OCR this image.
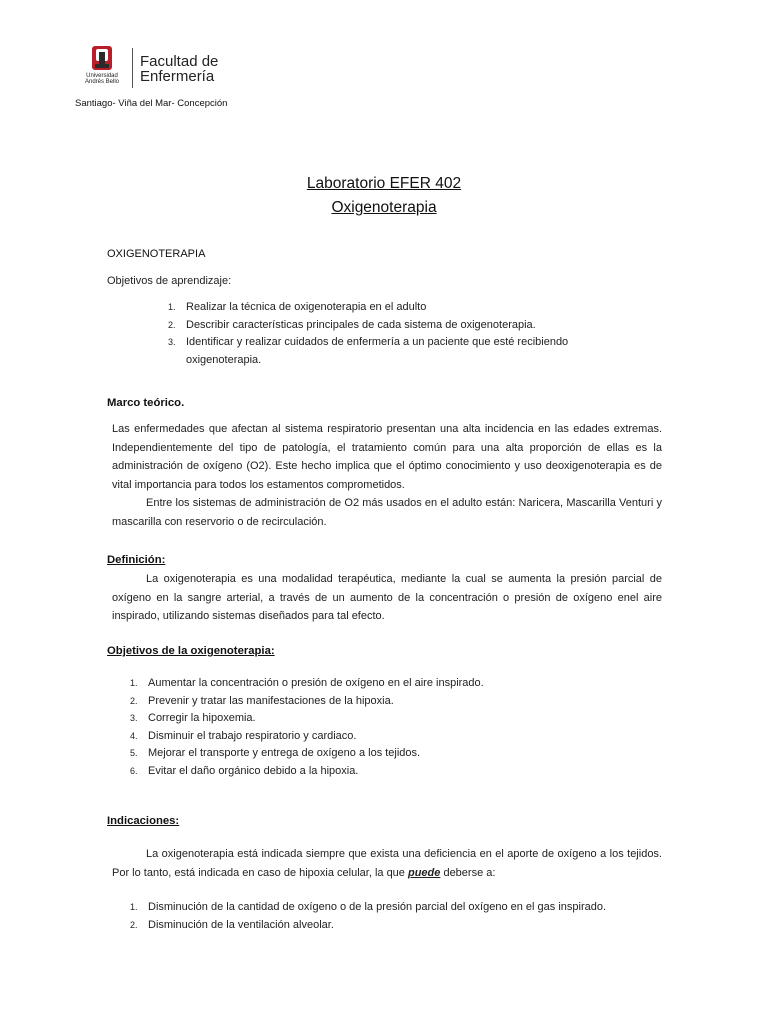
Universidad Andrés Bello
Facultad de Enfermería
Santiago- Viña del Mar- Concepción
Laboratorio EFER 402
Oxigenoterapia
OXIGENOTERAPIA
Objetivos de aprendizaje:
1. Realizar la técnica de oxigenoterapia en el adulto
2. Describir características principales de cada sistema de oxigenoterapia.
3. Identificar y realizar cuidados de enfermería a un paciente que esté recibiendo oxigenoterapia.
Marco teórico.

Las enfermedades que afectan al sistema respiratorio presentan una alta incidencia en las edades extremas. Independientemente del tipo de patología, el tratamiento común para una alta proporción de ellas es la administración de oxígeno (O2). Este hecho implica que el óptimo conocimiento y uso deoxigenoterapia es de vital importancia para todos los estamentos comprometidos.

Entre los sistemas de administración de O2 más usados en el adulto están: Naricera, Mascarilla Venturi y mascarilla con reservorio o de recirculación.

Definición:

La oxigenoterapia es una modalidad terapéutica, mediante la cual se aumenta la presión parcial de oxígeno en la sangre arterial, a través de un aumento de la concentración o presión de oxígeno enel aire inspirado, utilizando sistemas diseñados para tal efecto.

Objetivos de la oxigenoterapia:
1. Aumentar la concentración o presión de oxígeno en el aire inspirado.
2. Prevenir y tratar las manifestaciones de la hipoxia.
3. Corregir la hipoxemia.
4. Disminuir el trabajo respiratorio y cardiaco.
5. Mejorar el transporte y entrega de oxígeno a los tejidos.
6. Evitar el daño orgánico debido a la hipoxia.
Indicaciones:

La oxigenoterapia está indicada siempre que exista una deficiencia en el aporte de oxígeno a los tejidos. Por lo tanto, está indicada en caso de hipoxia celular, la que puede deberse a:

1. Disminución de la cantidad de oxígeno o de la presión parcial del oxígeno en el gas inspirado.
2. Disminución de la ventilación alveolar.
